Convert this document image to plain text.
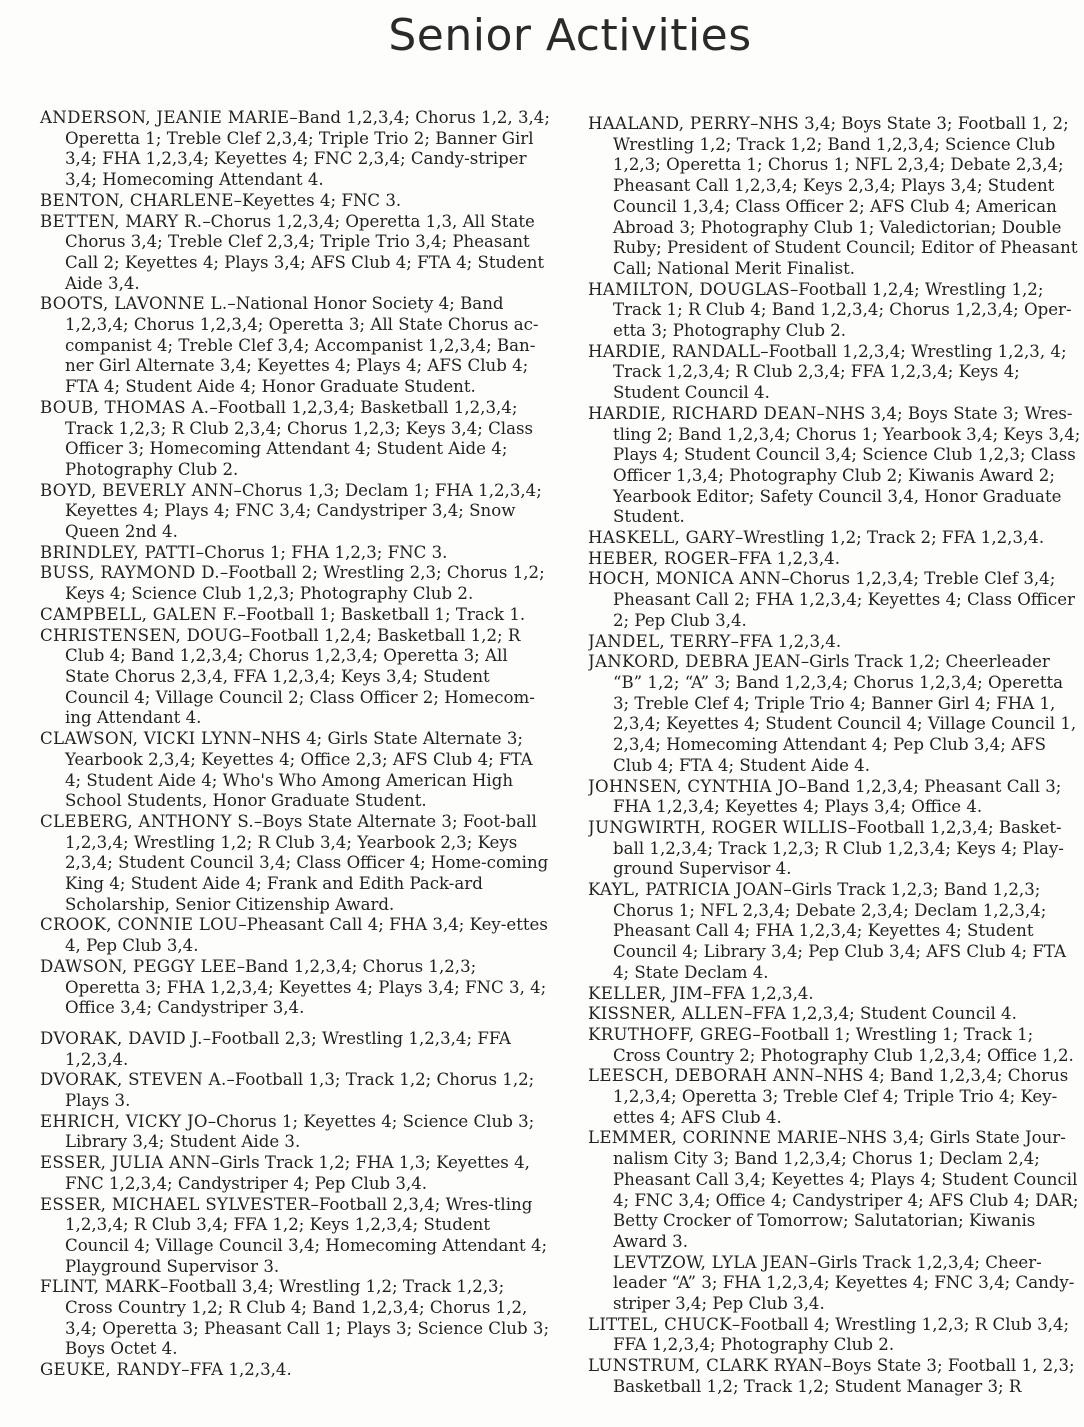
Senior Activities

ANDERSON, JEANIE MARIE–Band 1,2,3,4; Chorus 1,2, 3,4; Operetta 1; Treble Clef 2,3,4; Triple Trio 2; Banner Girl 3,4; FHA 1,2,3,4; Keyettes 4; FNC 2,3,4; Candy-striper 3,4; Homecoming Attendant 4.

BENTON, CHARLENE–Keyettes 4; FNC 3.

BETTEN, MARY R.–Chorus 1,2,3,4; Operetta 1,3, All State Chorus 3,4; Treble Clef 2,3,4; Triple Trio 3,4; Pheasant Call 2; Keyettes 4; Plays 3,4; AFS Club 4; FTA 4; Student Aide 3,4.

BOOTS, LAVONNE L.–National Honor Society 4; Band 1,2,3,4; Chorus 1,2,3,4; Operetta 3; All State Chorus ac-companist 4; Treble Clef 3,4; Accompanist 1,2,3,4; Ban-ner Girl Alternate 3,4; Keyettes 4; Plays 4; AFS Club 4; FTA 4; Student Aide 4; Honor Graduate Student.

BOUB, THOMAS A.–Football 1,2,3,4; Basketball 1,2,3,4; Track 1,2,3; R Club 2,3,4; Chorus 1,2,3; Keys 3,4; Class Officer 3; Homecoming Attendant 4; Student Aide 4; Photography Club 2.

BOYD, BEVERLY ANN–Chorus 1,3; Declam 1; FHA 1,2,3,4; Keyettes 4; Plays 4; FNC 3,4; Candystriper 3,4; Snow Queen 2nd 4.

BRINDLEY, PATTI–Chorus 1; FHA 1,2,3; FNC 3.

BUSS, RAYMOND D.–Football 2; Wrestling 2,3; Chorus 1,2; Keys 4; Science Club 1,2,3; Photography Club 2.

CAMPBELL, GALEN F.–Football 1; Basketball 1; Track 1.

CHRISTENSEN, DOUG–Football 1,2,4; Basketball 1,2; R Club 4; Band 1,2,3,4; Chorus 1,2,3,4; Operetta 3; All State Chorus 2,3,4, FFA 1,2,3,4; Keys 3,4; Student Council 4; Village Council 2; Class Officer 2; Homecom-ing Attendant 4.

CLAWSON, VICKI LYNN–NHS 4; Girls State Alternate 3; Yearbook 2,3,4; Keyettes 4; Office 2,3; AFS Club 4; FTA 4; Student Aide 4; Who's Who Among American High School Students, Honor Graduate Student.

CLEBERG, ANTHONY S.–Boys State Alternate 3; Foot-ball 1,2,3,4; Wrestling 1,2; R Club 3,4; Yearbook 2,3; Keys 2,3,4; Student Council 3,4; Class Officer 4; Home-coming King 4; Student Aide 4; Frank and Edith Pack-ard Scholarship, Senior Citizenship Award.

CROOK, CONNIE LOU–Pheasant Call 4; FHA 3,4; Key-ettes 4, Pep Club 3,4.

DAWSON, PEGGY LEE–Band 1,2,3,4; Chorus 1,2,3; Operetta 3; FHA 1,2,3,4; Keyettes 4; Plays 3,4; FNC 3, 4; Office 3,4; Candystriper 3,4.

DVORAK, DAVID J.–Football 2,3; Wrestling 1,2,3,4; FFA 1,2,3,4.

DVORAK, STEVEN A.–Football 1,3; Track 1,2; Chorus 1,2; Plays 3.

EHRICH, VICKY JO–Chorus 1; Keyettes 4; Science Club 3; Library 3,4; Student Aide 3.

ESSER, JULIA ANN–Girls Track 1,2; FHA 1,3; Keyettes 4, FNC 1,2,3,4; Candystriper 4; Pep Club 3,4.

ESSER, MICHAEL SYLVESTER–Football 2,3,4; Wres-tling 1,2,3,4; R Club 3,4; FFA 1,2; Keys 1,2,3,4; Student Council 4; Village Council 3,4; Homecoming Attendant 4; Playground Supervisor 3.

FLINT, MARK–Football 3,4; Wrestling 1,2; Track 1,2,3; Cross Country 1,2; R Club 4; Band 1,2,3,4; Chorus 1,2, 3,4; Operetta 3; Pheasant Call 1; Plays 3; Science Club 3; Boys Octet 4.

GEUKE, RANDY–FFA 1,2,3,4.

HAALAND, PERRY–NHS 3,4; Boys State 3; Football 1, 2; Wrestling 1,2; Track 1,2; Band 1,2,3,4; Science Club 1,2,3; Operetta 1; Chorus 1; NFL 2,3,4; Debate 2,3,4; Pheasant Call 1,2,3,4; Keys 2,3,4; Plays 3,4; Student Council 1,3,4; Class Officer 2; AFS Club 4; American Abroad 3; Photography Club 1; Valedictorian; Double Ruby; President of Student Council; Editor of Pheasant Call; National Merit Finalist.

HAMILTON, DOUGLAS–Football 1,2,4; Wrestling 1,2; Track 1; R Club 4; Band 1,2,3,4; Chorus 1,2,3,4; Oper-etta 3; Photography Club 2.

HARDIE, RANDALL–Football 1,2,3,4; Wrestling 1,2,3, 4; Track 1,2,3,4; R Club 2,3,4; FFA 1,2,3,4; Keys 4; Student Council 4.

HARDIE, RICHARD DEAN–NHS 3,4; Boys State 3; Wres-tling 2; Band 1,2,3,4; Chorus 1; Yearbook 3,4; Keys 3,4; Plays 4; Student Council 3,4; Science Club 1,2,3; Class Officer 1,3,4; Photography Club 2; Kiwanis Award 2; Yearbook Editor; Safety Council 3,4, Honor Graduate Student.

HASKELL, GARY–Wrestling 1,2; Track 2; FFA 1,2,3,4.

HEBER, ROGER–FFA 1,2,3,4.

HOCH, MONICA ANN–Chorus 1,2,3,4; Treble Clef 3,4; Pheasant Call 2; FHA 1,2,3,4; Keyettes 4; Class Officer 2; Pep Club 3,4.

JANDEL, TERRY–FFA 1,2,3,4.

JANKORD, DEBRA JEAN–Girls Track 1,2; Cheerleader “B” 1,2; “A” 3; Band 1,2,3,4; Chorus 1,2,3,4; Operetta 3; Treble Clef 4; Triple Trio 4; Banner Girl 4; FHA 1, 2,3,4; Keyettes 4; Student Council 4; Village Council 1, 2,3,4; Homecoming Attendant 4; Pep Club 3,4; AFS Club 4; FTA 4; Student Aide 4.

JOHNSEN, CYNTHIA JO–Band 1,2,3,4; Pheasant Call 3; FHA 1,2,3,4; Keyettes 4; Plays 3,4; Office 4.

JUNGWIRTH, ROGER WILLIS–Football 1,2,3,4; Basket-ball 1,2,3,4; Track 1,2,3; R Club 1,2,3,4; Keys 4; Play-ground Supervisor 4.

KAYL, PATRICIA JOAN–Girls Track 1,2,3; Band 1,2,3; Chorus 1; NFL 2,3,4; Debate 2,3,4; Declam 1,2,3,4; Pheasant Call 4; FHA 1,2,3,4; Keyettes 4; Student Council 4; Library 3,4; Pep Club 3,4; AFS Club 4; FTA 4; State Declam 4.

KELLER, JIM–FFA 1,2,3,4.

KISSNER, ALLEN–FFA 1,2,3,4; Student Council 4.

KRUTHOFF, GREG–Football 1; Wrestling 1; Track 1; Cross Country 2; Photography Club 1,2,3,4; Office 1,2.

LEESCH, DEBORAH ANN–NHS 4; Band 1,2,3,4; Chorus 1,2,3,4; Operetta 3; Treble Clef 4; Triple Trio 4; Key-ettes 4; AFS Club 4.

LEMMER, CORINNE MARIE–NHS 3,4; Girls State Jour-nalism City 3; Band 1,2,3,4; Chorus 1; Declam 2,4; Pheasant Call 3,4; Keyettes 4; Plays 4; Student Council 4; FNC 3,4; Office 4; Candystriper 4; AFS Club 4; DAR; Betty Crocker of Tomorrow; Salutatorian; Kiwanis Award 3.

LEVTZOW, LYLA JEAN–Girls Track 1,2,3,4; Cheer-leader “A” 3; FHA 1,2,3,4; Keyettes 4; FNC 3,4; Candy-striper 3,4; Pep Club 3,4.

LITTEL, CHUCK–Football 4; Wrestling 1,2,3; R Club 3,4; FFA 1,2,3,4; Photography Club 2.

LUNSTRUM, CLARK RYAN–Boys State 3; Football 1, 2,3; Basketball 1,2; Track 1,2; Student Manager 3; R
